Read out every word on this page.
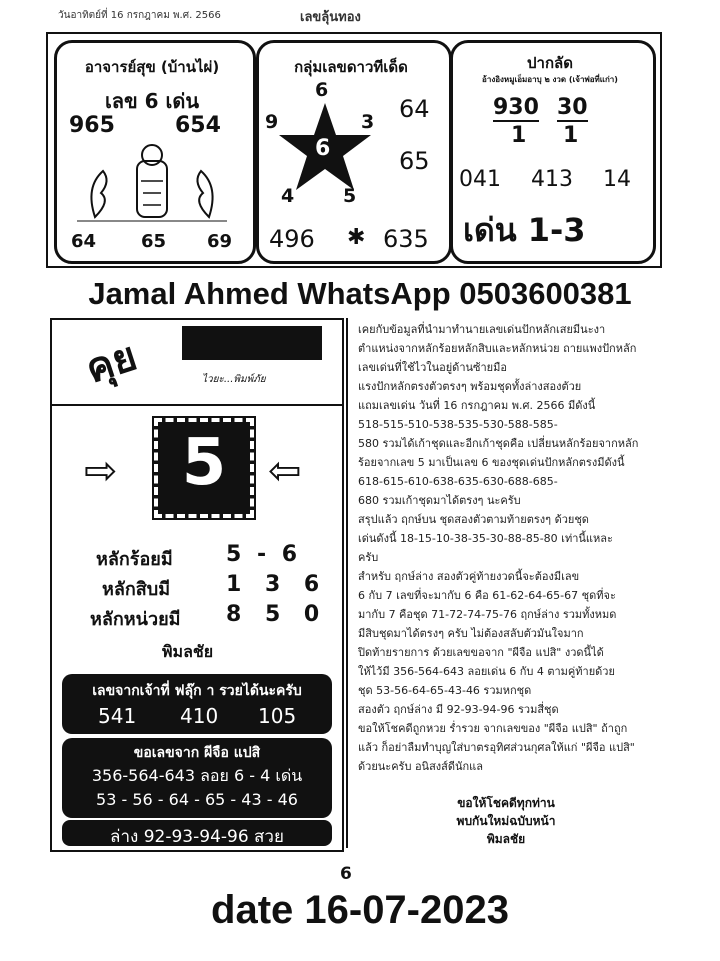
วันอาทิตย์ที่ 16 กรกฎาคม พ.ศ. 2566	เลขลุ้นทอง
อาจารย์สุข (บ้านไผ่)
เลข 6 เด่น
965	654
64 65 69
กลุ่มเลขดาวทีเด็ด
6
6
9	3
4	5
64
65
496 ✱ 635
ปากลัด
อ้างอิงหมูเอ็มอาบุ ๒ งวด (เจ้าพ่อที่แก่า)
930
1
30
1
041 413 14
เด่น 1-3
Jamal Ahmed WhatsApp 0503600381
คุย	ไวยะ...พิมพ์ภัย
⇨	⇦
หลักร้อยมี 5 - 6
หลักสิบมี	1 3 6
หลักหน่วยมี 8 5 0
พิมลชัย
เลขจากเจ้าที่ ฟลุ๊ก า รวยได้นะครับ
541 410 105
ขอเลขจาก ผีจือ แปสิ
356-564-643 ลอย 6 - 4 เด่น
53 - 56 - 64 - 65 - 43 - 46
ล่าง 92-93-94-96 สวย
5
เคยกับข้อมูลที่นำมาทำนายเลขเด่นปักหลักเสยมีนะงา
ตำแหน่งจากหลักร้อยหลักสิบและหลักหน่วย ถายแพงปักหลัก
เลขเด่นที่ใช้ไวในอยู่ด้านซ้ายมือ
แรงปักหลักตรงตัวตรงๆ พร้อมชุดทั้งล่างสองตัวย
แถมเลขเด่น วันที่ 16 กรกฎาคม พ.ศ. 2566 มีดังนี้
518-515-510-538-535-530-588-585-
580 รวมได้เก้าชุดและอีกเก้าชุดคือ เปลี่ยนหลักร้อยจากหลัก
ร้อยจากเลข 5 มาเป็นเลข 6 ของชุดเด่นปักหลักตรงมีดังนี้
618-615-610-638-635-630-688-685-
680 รวมเก้าชุดมาได้ตรงๆ นะครับ
สรุปแล้ว ฤกษ์บน ชุดสองตัวตามท้ายตรงๆ ด้วยชุด
เด่นดังนี้ 18-15-10-38-35-30-88-85-80 เท่านี้แหละ
ครับ
สำหรับ ฤกษ์ล่าง สองตัวคู่ท้ายงวดนี้จะต้องมีเลข
6 กับ 7 เลขที่จะมากับ 6 คือ 61-62-64-65-67 ชุดที่จะ
มากับ 7 คือชุด 71-72-74-75-76 ฤกษ์ล่าง รวมทั้งหมด
มีสิบชุดมาได้ตรงๆ ครับ ไม่ต้องสลับตัวมันใจมาก
ปิดท้ายรายการ ด้วยเลขขอจาก "ผีจือ แปสิ" งวดนี้ได้
ให้ไว้มี 356-564-643 ลอยเด่น 6 กับ 4 ตามคู่ท้ายด้วย
ชุด 53-56-64-65-43-46 รวมหกชุด
สองตัว ฤกษ์ล่าง มี 92-93-94-96 รวมสี่ชุด
ขอให้โชคดีถูกหวย ร่ำรวย จากเลขของ "ผีจือ แปสิ" ถ้าถูก
แล้ว ก็อย่าลืมทำบุญใส่บาตรอุทิศส่วนกุศลให้แก่ "ผีจือ แปสิ"
ด้วยนะครับ อนิสงส์ดีนักแล
ขอให้โชคดีทุกท่าน
พบกันใหม่ฉบับหน้า
พิมลชัย
6
date 16-07-2023
